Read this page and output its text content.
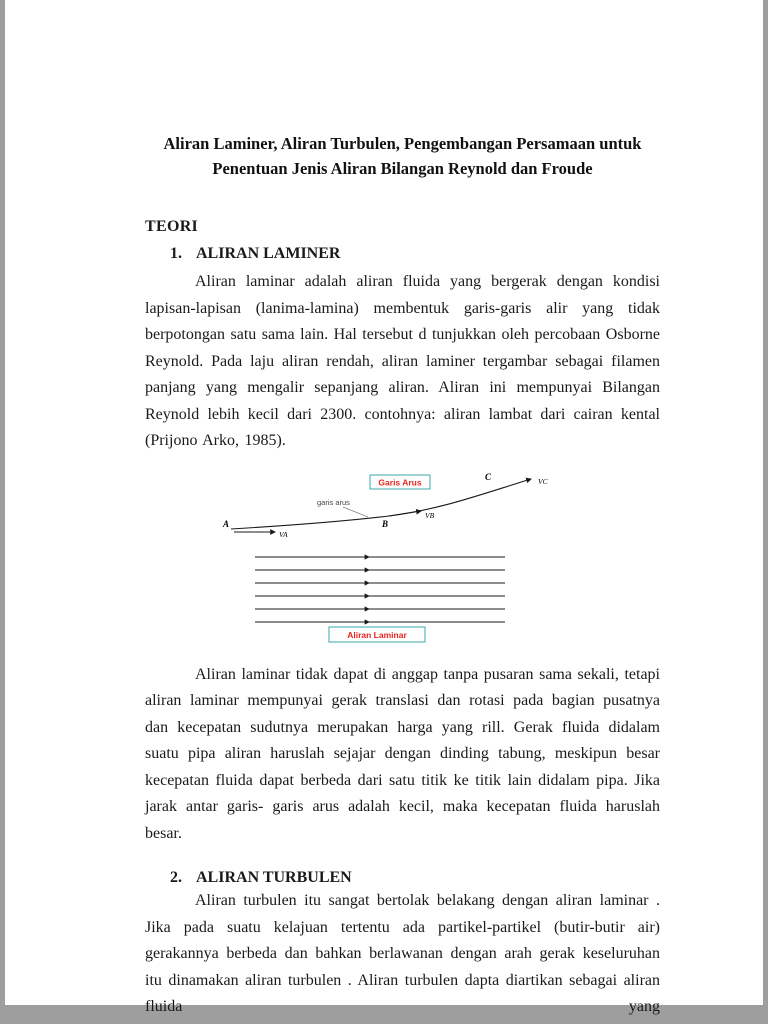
Aliran Laminer, Aliran Turbulen, Pengembangan Persamaan untuk
Penentuan Jenis Aliran Bilangan Reynold dan Froude
TEORI
1. ALIRAN LAMINER

Aliran laminar adalah aliran fluida yang bergerak dengan kondisi lapisan-lapisan (lanima-lamina) membentuk garis-garis alir yang tidak berpotongan satu sama lain. Hal tersebut d tunjukkan oleh percobaan Osborne Reynold. Pada laju aliran rendah, aliran laminer tergambar sebagai filamen panjang yang mengalir sepanjang aliran. Aliran ini mempunyai Bilangan Reynold lebih kecil dari 2300. contohnya: aliran lambat dari cairan kental (Prijono Arko, 1985).

Garis Arus
garis arus
A
VA
B
VB
C	VC
Aliran Laminar

Aliran laminar tidak dapat di anggap tanpa pusaran sama sekali, tetapi aliran laminar mempunyai gerak translasi dan rotasi pada bagian pusatnya dan kecepatan sudutnya merupakan harga yang rill. Gerak fluida didalam suatu pipa aliran haruslah sejajar dengan dinding tabung, meskipun besar kecepatan fluida dapat berbeda dari satu titik ke titik lain didalam pipa. Jika jarak antar garis- garis arus adalah kecil, maka kecepatan fluida haruslah besar.

2. ALIRAN TURBULEN

Aliran turbulen itu sangat bertolak belakang dengan aliran laminar . Jika pada suatu kelajuan tertentu ada partikel-partikel (butir-butir air) gerakannya berbeda dan bahkan berlawanan dengan arah gerak keseluruhan itu dinamakan aliran turbulen . Aliran turbulen dapta diartikan sebagai aliran fluida yang
